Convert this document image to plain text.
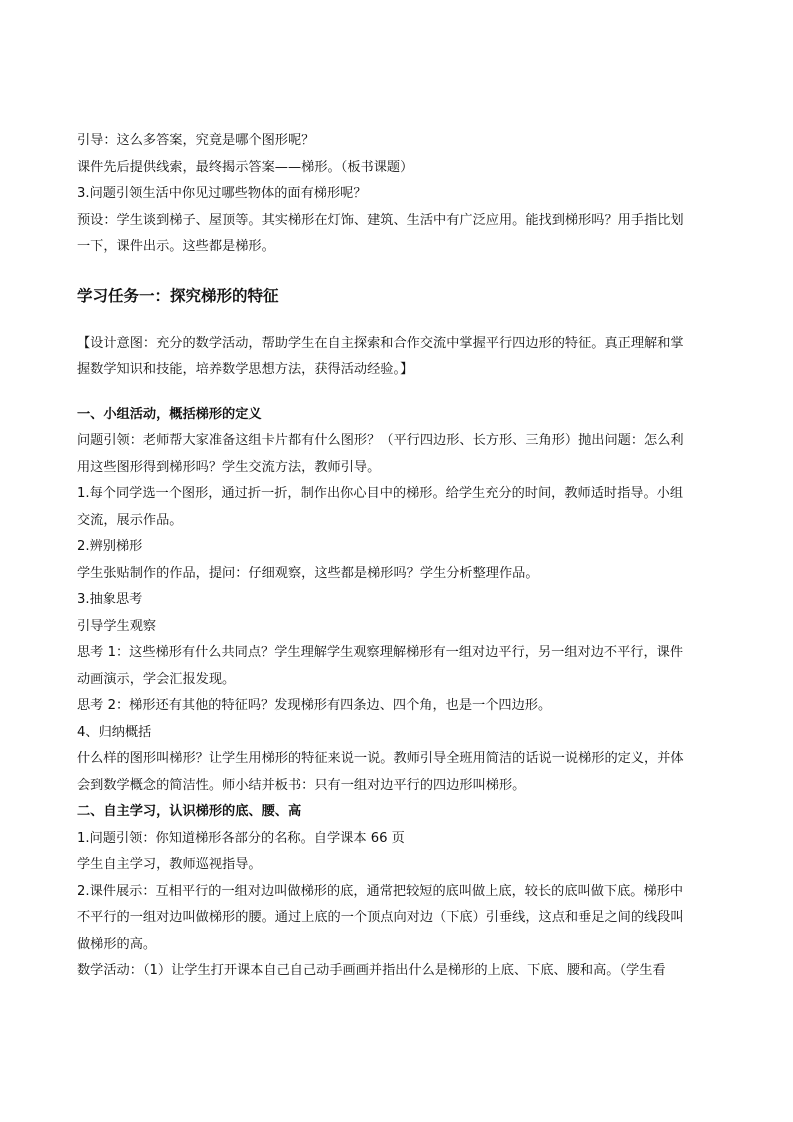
引导：这么多答案，究竟是哪个图形呢？

课件先后提供线索，最终揭示答案——梯形。（板书课题）

3.问题引领生活中你见过哪些物体的面有梯形呢？

预设：学生谈到梯子、屋顶等。其实梯形在灯饰、建筑、生活中有广泛应用。能找到梯形吗？用手指比划

一下，课件出示。这些都是梯形。

学习任务一：探究梯形的特征

【设计意图：充分的数学活动，帮助学生在自主探索和合作交流中掌握平行四边形的特征。真正理解和掌

握数学知识和技能，培养数学思想方法，获得活动经验。】

一、小组活动，概括梯形的定义

问题引领：老师帮大家准备这组卡片都有什么图形？（平行四边形、长方形、三角形）抛出问题：怎么利

用这些图形得到梯形吗？学生交流方法，教师引导。

1.每个同学选一个图形，通过折一折，制作出你心目中的梯形。给学生充分的时间，教师适时指导。小组

交流，展示作品。

2.辨别梯形

学生张贴制作的作品，提问：仔细观察，这些都是梯形吗？学生分析整理作品。

3.抽象思考

引导学生观察

思考 1：这些梯形有什么共同点？学生理解学生观察理解梯形有一组对边平行，另一组对边不平行，课件

动画演示，学会汇报发现。

思考 2：梯形还有其他的特征吗？发现梯形有四条边、四个角，也是一个四边形。

4、归纳概括

什么样的图形叫梯形？让学生用梯形的特征来说一说。教师引导全班用简洁的话说一说梯形的定义，并体

会到数学概念的简洁性。师小结并板书：只有一组对边平行的四边形叫梯形。

二、自主学习，认识梯形的底、腰、高

1.问题引领：你知道梯形各部分的名称。自学课本 66 页

学生自主学习，教师巡视指导。

2.课件展示：互相平行的一组对边叫做梯形的底，通常把较短的底叫做上底，较长的底叫做下底。梯形中

不平行的一组对边叫做梯形的腰。通过上底的一个顶点向对边（下底）引垂线，这点和垂足之间的线段叫

做梯形的高。

数学活动：（1）让学生打开课本自己自己动手画画并指出什么是梯形的上底、下底、腰和高。（学生看
